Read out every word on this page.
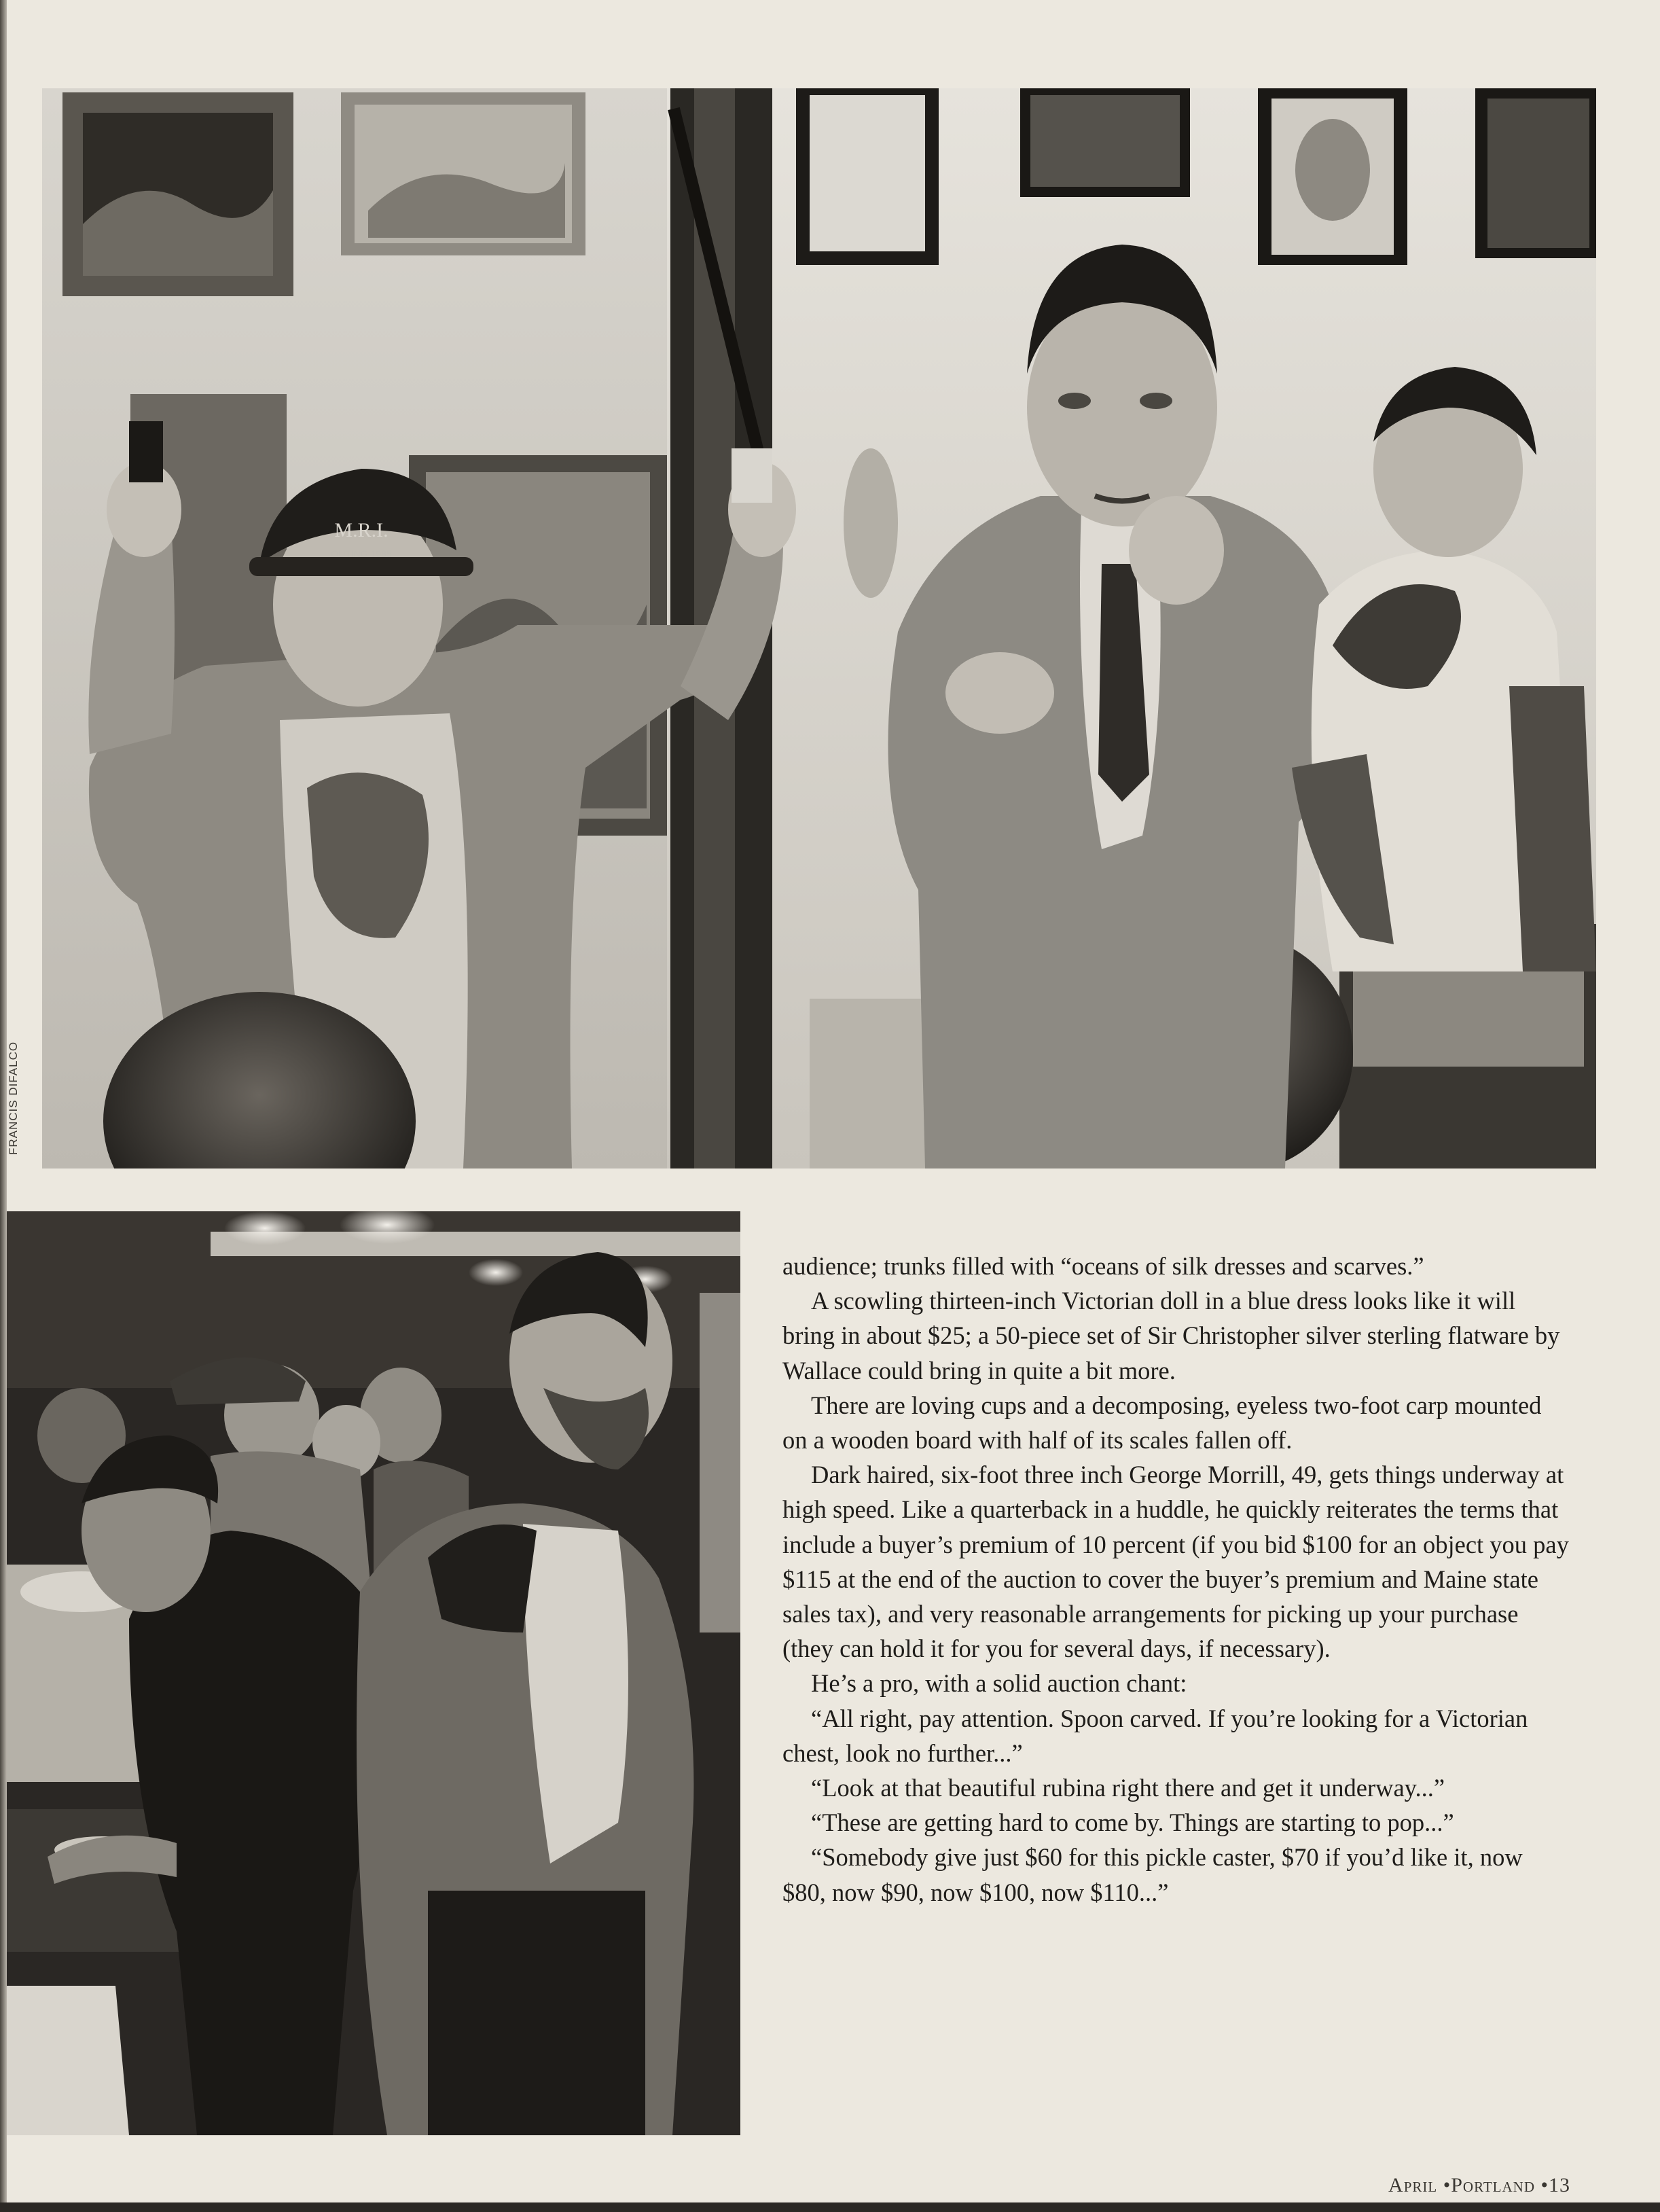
M.R.I.
OUTING 1985
FRANCIS DIFALCO

audience; trunks filled with “oceans of silk dresses and scarves.”

A scowling thirteen-inch Victorian doll in a blue dress looks like it will bring in about $25; a 50-piece set of Sir Christopher silver sterling flatware by Wallace could bring in quite a bit more.

There are loving cups and a decomposing, eyeless two-foot carp mounted on a wooden board with half of its scales fallen off.

Dark haired, six-foot three inch George Morrill, 49, gets things underway at high speed. Like a quarterback in a huddle, he quickly reiterates the terms that include a buyer’s premium of 10 percent (if you bid $100 for an object you pay $115 at the end of the auction to cover the buyer’s premium and Maine state sales tax), and very reasonable arrangements for picking up your purchase (they can hold it for you for several days, if necessary).

He’s a pro, with a solid auction chant:

“All right, pay attention. Spoon carved. If you’re looking for a Victorian chest, look no further...”

“Look at that beautiful rubina right there and get it underway...”

“These are getting hard to come by. Things are starting to pop...”

“Somebody give just $60 for this pickle caster, $70 if you’d like it, now $80, now $90, now $100, now $110...”

April •Portland •13
